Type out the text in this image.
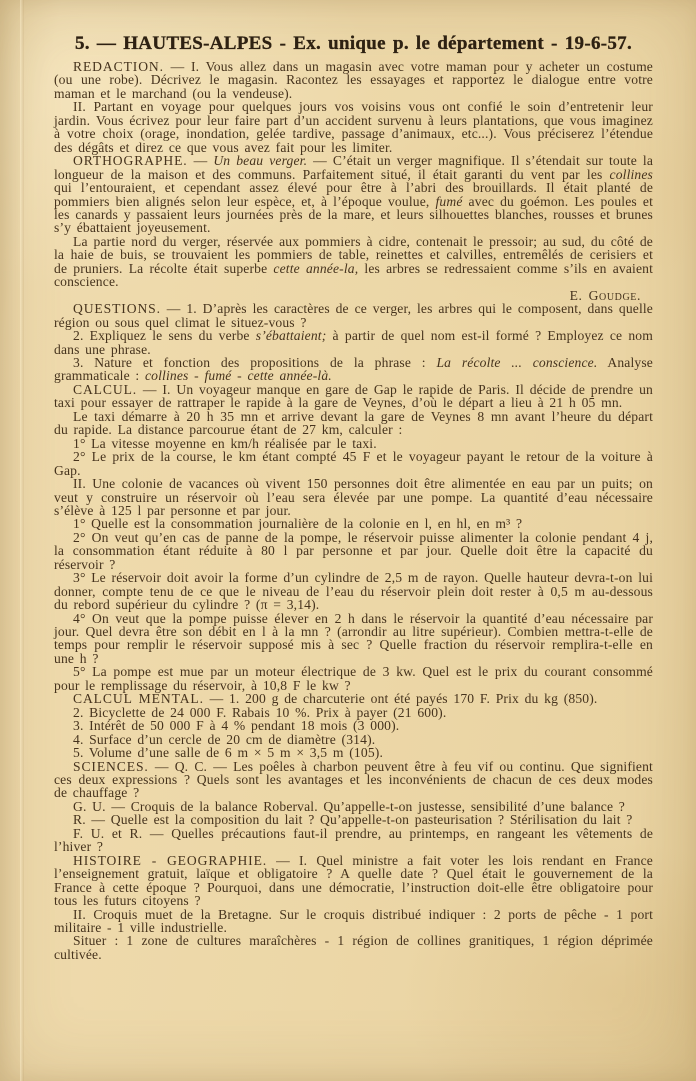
5. — HAUTES-ALPES - Ex. unique p. le département - 19-6-57.

REDACTION. — I. Vous allez dans un magasin avec votre maman pour y acheter un costume (ou une robe). Décrivez le magasin. Racontez les essayages et rapportez le dialogue entre votre maman et le marchand (ou la vendeuse).

II. Partant en voyage pour quelques jours vos voisins vous ont confié le soin d’entretenir leur jardin. Vous écrivez pour leur faire part d’un accident survenu à leurs plantations, que vous imaginez à votre choix (orage, inondation, gelée tardive, passage d’animaux, etc...). Vous préciserez l’étendue des dégâts et direz ce que vous avez fait pour les limiter.

ORTHOGRAPHE. — Un beau verger. — C’était un verger magnifique. Il s’étendait sur toute la longueur de la maison et des communs. Parfaitement situé, il était garanti du vent par les collines qui l’entouraient, et cependant assez élevé pour être à l’abri des brouillards. Il était planté de pommiers bien alignés selon leur espèce, et, à l’époque voulue, fumé avec du goémon. Les poules et les canards y passaient leurs journées près de la mare, et leurs silhouettes blanches, rousses et brunes s’y ébattaient joyeusement.

La partie nord du verger, réservée aux pommiers à cidre, contenait le pressoir; au sud, du côté de la haie de buis, se trouvaient les pommiers de table, reinettes et calvilles, entremêlés de cerisiers et de pruniers. La récolte était superbe cette année-la, les arbres se redressaient comme s’ils en avaient conscience.

E. Goudge.

QUESTIONS. — 1. D’après les caractères de ce verger, les arbres qui le composent, dans quelle région ou sous quel climat le situez-vous ?

2. Expliquez le sens du verbe s’ébattaient; à partir de quel nom est-il formé ? Employez ce nom dans une phrase.

3. Nature et fonction des propositions de la phrase : La récolte ... conscience. Analyse grammaticale : collines - fumé - cette année-là.

CALCUL. — I. Un voyageur manque en gare de Gap le rapide de Paris. Il décide de prendre un taxi pour essayer de rattraper le rapide à la gare de Veynes, d’où le départ a lieu à 21 h 05 mn.

Le taxi démarre à 20 h 35 mn et arrive devant la gare de Veynes 8 mn avant l’heure du départ du rapide. La distance parcourue étant de 27 km, calculer :

1° La vitesse moyenne en km/h réalisée par le taxi.

2° Le prix de la course, le km étant compté 45 F et le voyageur payant le retour de la voiture à Gap.

II. Une colonie de vacances où vivent 150 personnes doit être alimentée en eau par un puits; on veut y construire un réservoir où l’eau sera élevée par une pompe. La quantité d’eau nécessaire s’élève à 125 l par personne et par jour.

1° Quelle est la consommation journalière de la colonie en l, en hl, en m³ ?

2° On veut qu’en cas de panne de la pompe, le réservoir puisse alimenter la colonie pendant 4 j, la consommation étant réduite à 80 l par personne et par jour. Quelle doit être la capacité du réservoir ?

3° Le réservoir doit avoir la forme d’un cylindre de 2,5 m de rayon. Quelle hauteur devra-t-on lui donner, compte tenu de ce que le niveau de l’eau du réservoir plein doit rester à 0,5 m au-dessous du rebord supérieur du cylindre ? (π = 3,14).

4° On veut que la pompe puisse élever en 2 h dans le réservoir la quantité d’eau nécessaire par jour. Quel devra être son débit en l à la mn ? (arrondir au litre supérieur). Combien mettra-t-elle de temps pour remplir le réservoir supposé mis à sec ? Quelle fraction du réservoir remplira-t-elle en une h ?

5° La pompe est mue par un moteur électrique de 3 kw. Quel est le prix du courant consommé pour le remplissage du réservoir, à 10,8 F le kw ?

CALCUL MENTAL. — 1. 200 g de charcuterie ont été payés 170 F. Prix du kg (850).

2. Bicyclette de 24 000 F. Rabais 10 %. Prix à payer (21 600).

3. Intérêt de 50 000 F à 4 % pendant 18 mois (3 000).

4. Surface d’un cercle de 20 cm de diamètre (314).

5. Volume d’une salle de 6 m × 5 m × 3,5 m (105).

SCIENCES. — Q. C. — Les poêles à charbon peuvent être à feu vif ou continu. Que signifient ces deux expressions ? Quels sont les avantages et les inconvénients de chacun de ces deux modes de chauffage ?

G. U. — Croquis de la balance Roberval. Qu’appelle-t-on justesse, sensibilité d’une balance ?

R. — Quelle est la composition du lait ? Qu’appelle-t-on pasteurisation ? Stérilisation du lait ?

F. U. et R. — Quelles précautions faut-il prendre, au printemps, en rangeant les vêtements de l’hiver ?

HISTOIRE - GEOGRAPHIE. — I. Quel ministre a fait voter les lois rendant en France l’enseignement gratuit, laïque et obligatoire ? A quelle date ? Quel était le gouvernement de la France à cette époque ? Pourquoi, dans une démocratie, l’instruction doit-elle être obligatoire pour tous les futurs citoyens ?

II. Croquis muet de la Bretagne. Sur le croquis distribué indiquer : 2 ports de pêche - 1 port militaire - 1 ville industrielle.

Situer : 1 zone de cultures maraîchères - 1 région de collines granitiques, 1 région déprimée cultivée.
